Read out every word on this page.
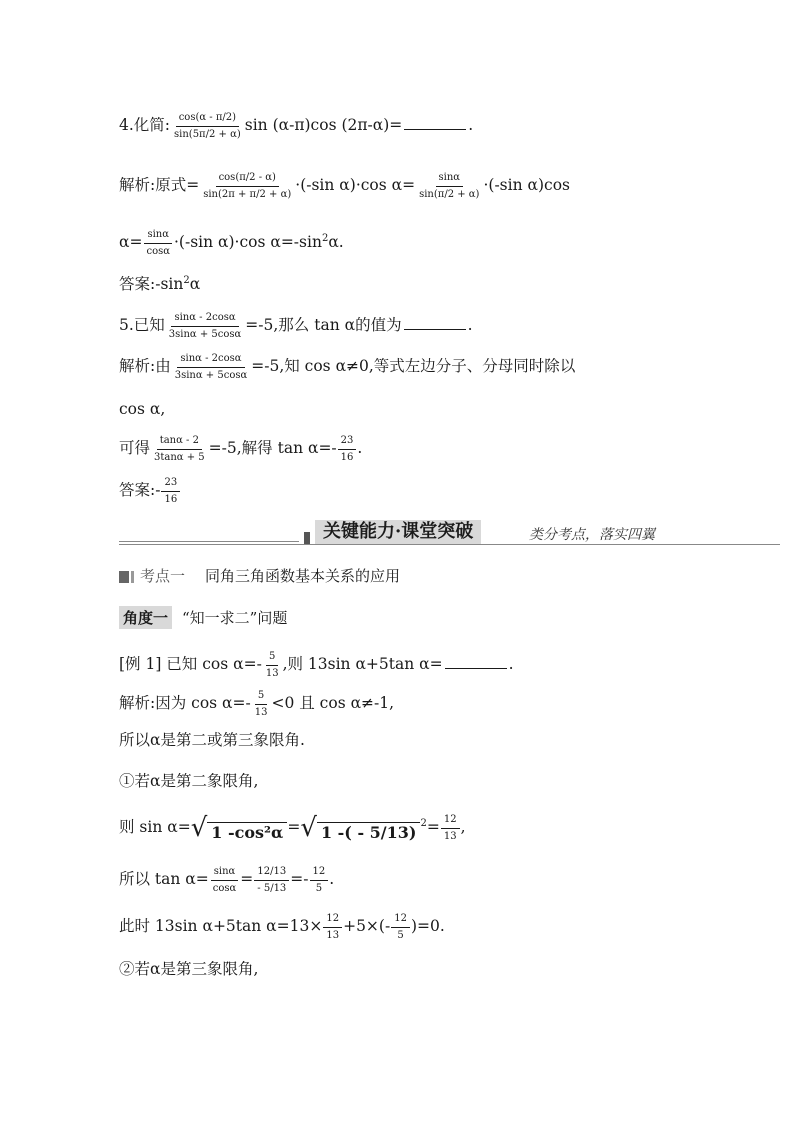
4.化简: $\frac{\cos(\alpha - \pi/2)}{\sin(5\pi/2 + \alpha)}$ sin (α-π)cos (2π-α)=	.
解析:原式= $\frac{\cos(\pi/2 - \alpha)}{\sin(2\pi + \pi/2 + \alpha)} \cdot(-\sin$ α)·cos $\alpha= \frac{\sin\alpha}{\sin(\pi/2 + \alpha)} \cdot(-\sin$ α)cos
$\alpha= \frac{\sin\alpha}{\cos\alpha} \cdot(-\sin$ α)·cos $\alpha=-\sin^2\alpha$.
答案$:-\sin^2\alpha$
5.已知 $\frac{\sin\alpha - 2\cos\alpha}{3\sin\alpha + 5\cos\alpha} =-5$,那么 tan α的值为	.
解析:由 $\frac{\sin\alpha - 2\cos\alpha}{3\sin\alpha + 5\cos\alpha} =-5$,知 cos α≠0,等式左边分子、分母同时除以
cos α,
可得 $\frac{\tan\alpha - 2}{3\tan\alpha + 5} =-5$,解得 $\tan \alpha=- \frac{23}{16}$ .
答案:- $\frac{23}{16}$
关键能力·课堂突破	类分考点，落实四翼
考点一 同角三角函数基本关系的应用
角度一 “知一求二”问题
[例 1] 已知 $\cos \alpha=- \frac{5}{13}$ ,则 13sin α+5tan α=	.
解析:因为 $\cos \alpha=- \frac{5}{13} <0$ 且 cos α≠-1,
所以α是第二或第三象限角.
①若α是第二象限角,
则 sin α= √ 1 -cos²α = √ 1 -( - 5/13) $^2= \frac{12}{13}$ ,
所以 $\tan \alpha= \frac{\sin\alpha}{\cos\alpha} = \frac{12/13}{- 5/13} =- \frac{12}{5}$ .
此时 13sin α+5tan $\alpha=13\times \frac{12}{13} +5\times(- \frac{12}{5} )=0$.
②若α是第三象限角,
